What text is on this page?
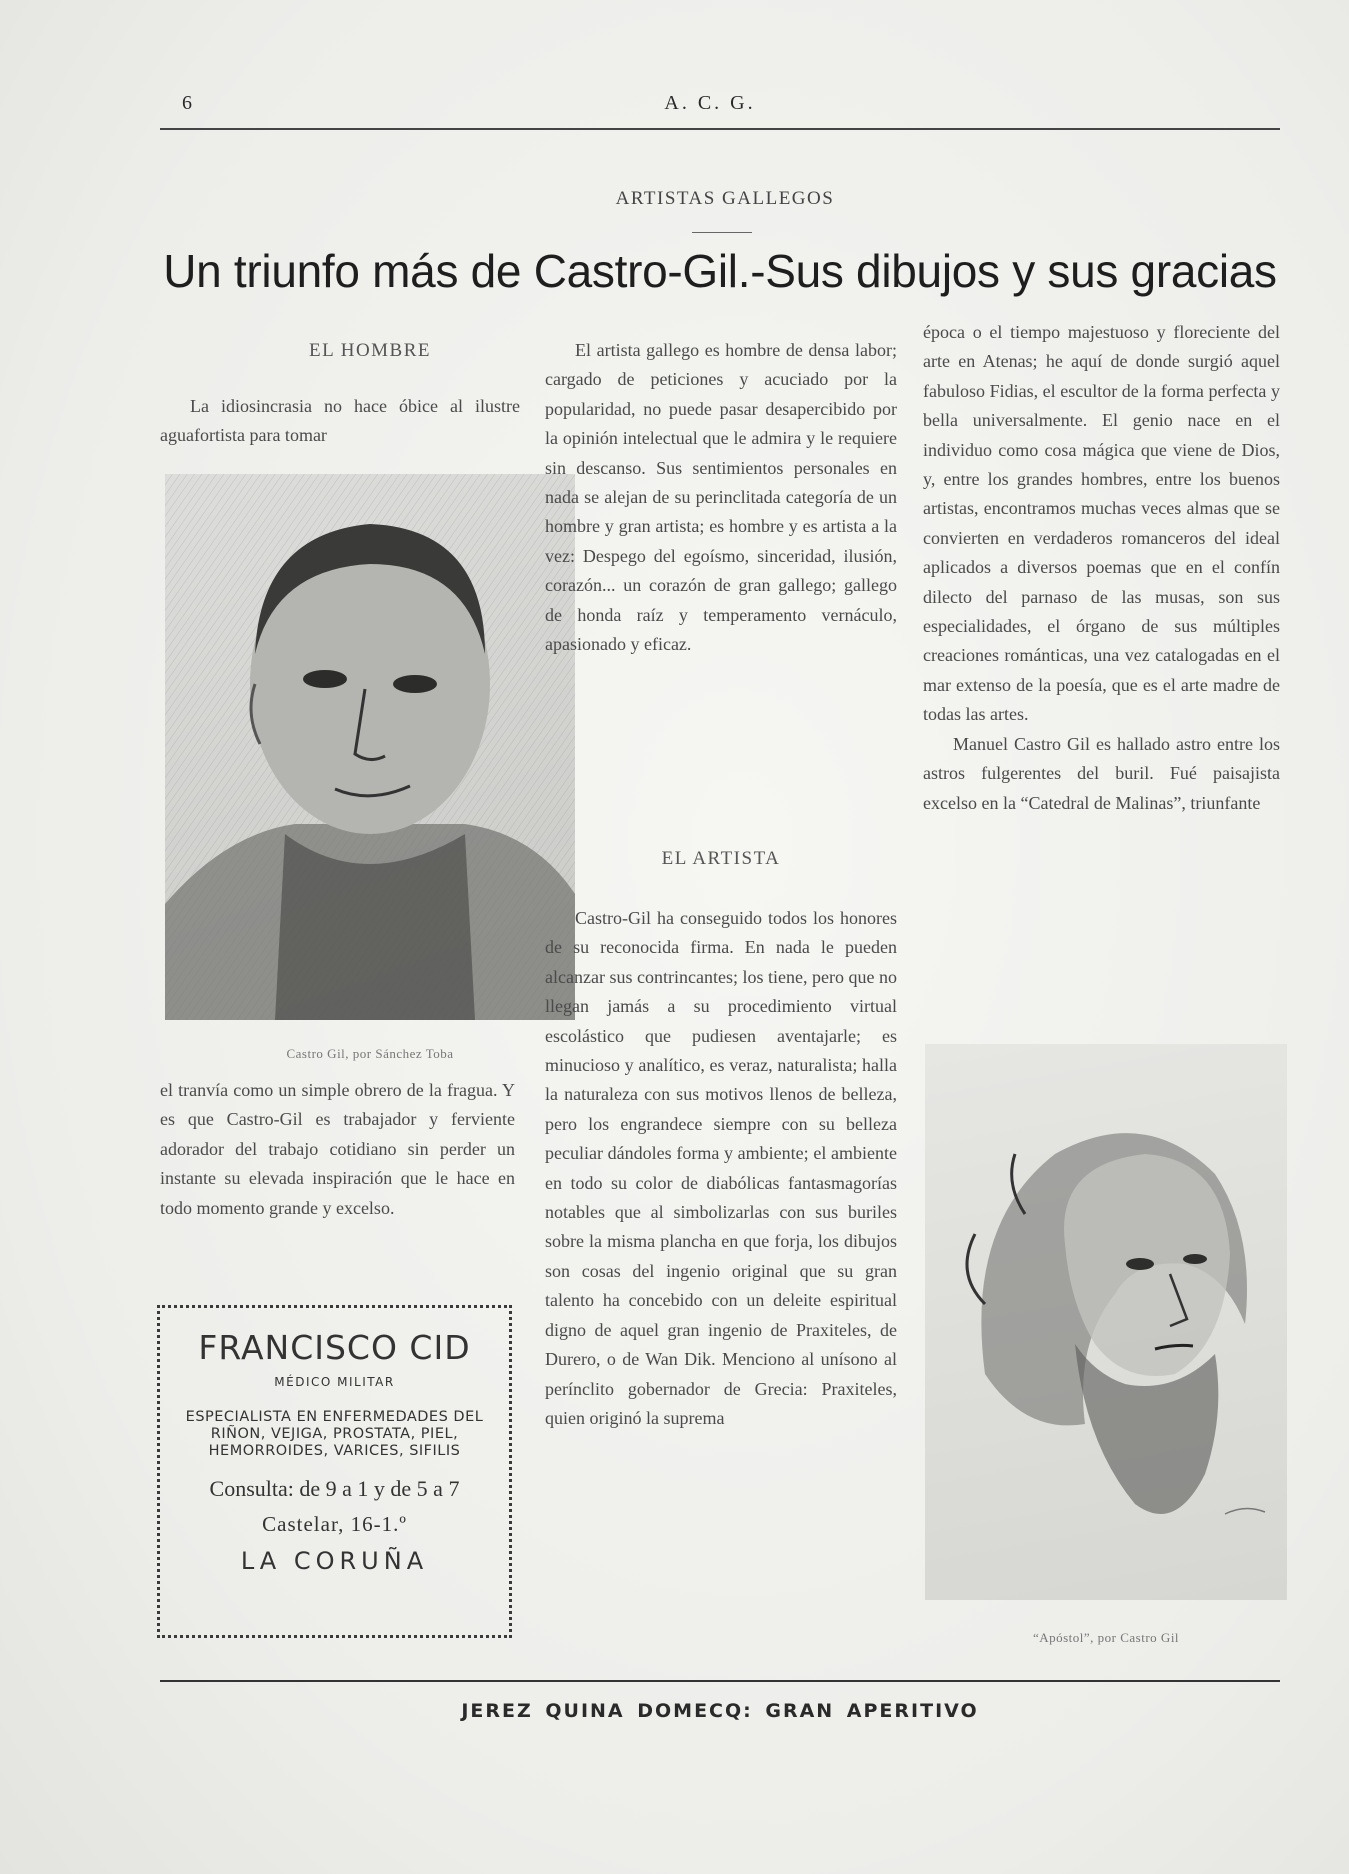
6	A. C. G.
ARTISTAS GALLEGOS
Un triunfo más de Castro-Gil.-Sus dibujos y sus gracias
EL HOMBRE

La idiosincrasia no hace óbice al ilustre aguafortista para tomar

Castro Gil, por Sánchez Toba

el tranvía como un simple obrero de la fragua. Y es que Castro-Gil es trabajador y ferviente adorador del trabajo cotidiano sin perder un instante su elevada inspiración que le hace en todo momento grande y excelso.

FRANCISCO CID
MÉDICO MILITAR
ESPECIALISTA EN ENFERMEDADES DEL RIÑON, VEJIGA, PROSTATA, PIEL, HEMORROIDES, VARICES, SIFILIS
Consulta: de 9 a 1 y de 5 a 7
Castelar, 16-1.º
LA CORUÑA

El artista gallego es hombre de densa labor; cargado de peticiones y acuciado por la popularidad, no puede pasar desapercibido por la opinión intelectual que le admira y le requiere sin descanso. Sus sentimientos personales en nada se alejan de su perinclitada categoría de un hombre y gran artista; es hombre y es artista a la vez: Despego del egoísmo, sinceridad, ilusión, corazón... un corazón de gran gallego; gallego de honda raíz y temperamento vernáculo, apasionado y eficaz.

EL ARTISTA

Castro-Gil ha conseguido todos los honores de su reconocida firma. En nada le pueden alcanzar sus contrincantes; los tiene, pero que no llegan jamás a su procedimiento virtual escolástico que pudiesen aventajarle; es minucioso y analítico, es veraz, naturalista; halla la naturaleza con sus motivos llenos de belleza, pero los engrandece siempre con su belleza peculiar dándoles forma y ambiente; el ambiente en todo su color de diabólicas fantasmagorías notables que al simbolizarlas con sus buriles sobre la misma plancha en que forja, los dibujos son cosas del ingenio original que su gran talento ha concebido con un deleite espiritual digno de aquel gran ingenio de Praxiteles, de Durero, o de Wan Dik. Menciono al unísono al perínclito gobernador de Grecia: Praxiteles, quien originó la suprema

época o el tiempo majestuoso y floreciente del arte en Atenas; he aquí de donde surgió aquel fabuloso Fidias, el escultor de la forma perfecta y bella universalmente. El genio nace en el individuo como cosa mágica que viene de Dios, y, entre los grandes hombres, entre los buenos artistas, encontramos muchas veces almas que se convierten en verdaderos romanceros del ideal aplicados a diversos poemas que en el confín dilecto del parnaso de las musas, son sus especialidades, el órgano de sus múltiples creaciones románticas, una vez catalogadas en el mar extenso de la poesía, que es el arte madre de todas las artes.

Manuel Castro Gil es hallado astro entre los astros fulgerentes del buril. Fué paisajista excelso en la “Catedral de Malinas”, triunfante

“Apóstol”, por Castro Gil
JEREZ QUINA DOMECQ: GRAN APERITIVO
